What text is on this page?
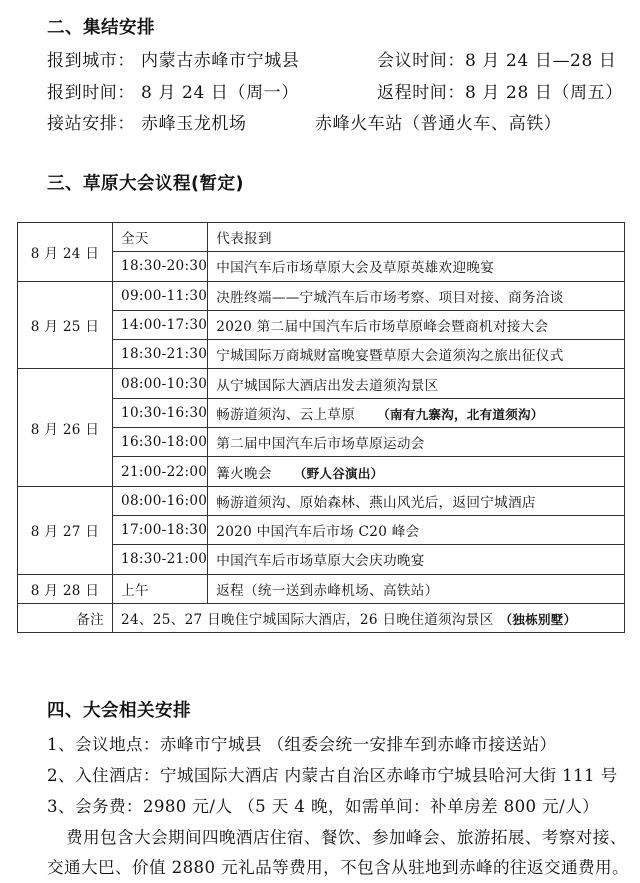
二、集结安排
报到城市： 内蒙古赤峰市宁城县	会议时间：8 月 24 日—28 日
报到时间： 8 月 24 日（周一）	返程时间：8 月 28 日（周五）
接站安排： 赤峰玉龙机场	赤峰火车站（普通火车、高铁）
三、草原大会议程(暂定)
8 月 24 日	全天	代表报到
	18:30-20:30	中国汽车后市场草原大会及草原英雄欢迎晚宴
8 月 25 日	09:00-11:30	决胜终端——宁城汽车后市场考察、项目对接、商务洽谈
	14:00-17:30	2020 第二届中国汽车后市场草原峰会暨商机对接大会
	18:30-21:30	宁城国际万商城财富晚宴暨草原大会道须沟之旅出征仪式
8 月 26 日	08:00-10:30	从宁城国际大酒店出发去道须沟景区
	10:30-16:30	畅游道须沟、云上草原 （南有九寨沟，北有道须沟）
	16:30-18:00	第二届中国汽车后市场草原运动会
	21:00-22:00	篝火晚会 （野人谷演出）
8 月 27 日	08:00-16:00	畅游道须沟、原始森林、燕山风光后，返回宁城酒店
	17:00-18:30	2020 中国汽车后市场 C20 峰会
	18:30-21:00	中国汽车后市场草原大会庆功晚宴
8 月 28 日	上午	返程（统一送到赤峰机场、高铁站）
备注	24、25、27 日晚住宁城国际大酒店，26 日晚住道须沟景区 （独栋别墅）	
四、大会相关安排
1、会议地点：赤峰市宁城县 （组委会统一安排车到赤峰市接送站）
2、入住酒店：宁城国际大酒店 内蒙古自治区赤峰市宁城县哈河大街 111 号
3、会务费：2980 元/人 （5 天 4 晚，如需单间：补单房差 800 元/人）
费用包含大会期间四晚酒店住宿、餐饮、参加峰会、旅游拓展、考察对接、
交通大巴、价值 2880 元礼品等费用，不包含从驻地到赤峰的往返交通费用。
